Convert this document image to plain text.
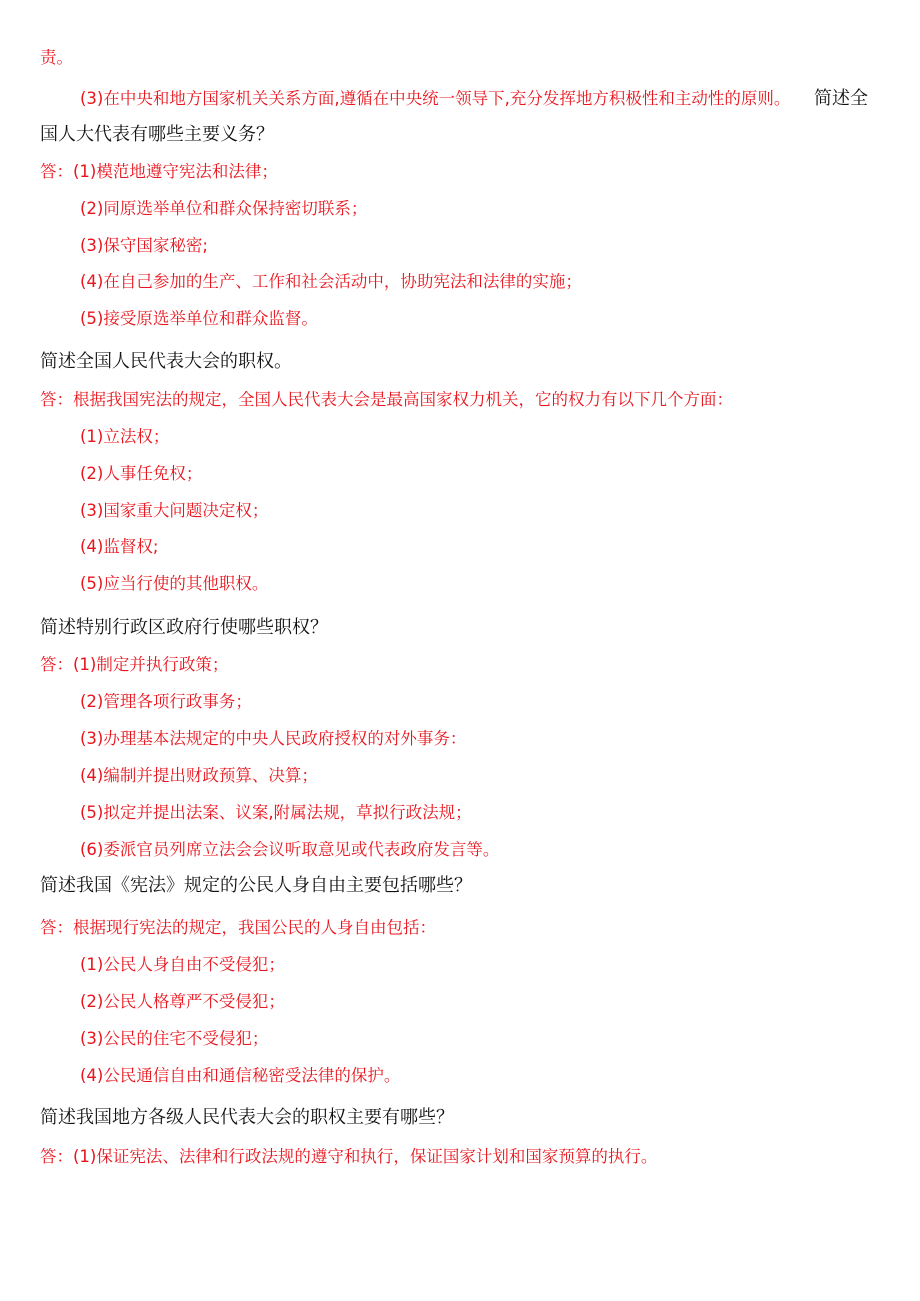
责。
(3)在中央和地方国家机关关系方面,遵循在中央统一领导下,充分发挥地方积极性和主动性的原则。 简述全
国人大代表有哪些主要义务？
答：(1)模范地遵守宪法和法律；
(2)同原选举单位和群众保持密切联系；
(3)保守国家秘密;
(4)在自己参加的生产、工作和社会活动中，协助宪法和法律的实施；
(5)接受原选举单位和群众监督。
简述全国人民代表大会的职权。
答：根据我国宪法的规定，全国人民代表大会是最高国家权力机关，它的权力有以下几个方面：
(1)立法权；
(2)人事任免权；
(3)国家重大问题决定权；
(4)监督权;
(5)应当行使的其他职权。
简述特别行政区政府行使哪些职权？
答：(1)制定并执行政策；
(2)管理各项行政事务；
(3)办理基本法规定的中央人民政府授权的对外事务：
(4)编制并提出财政预算、决算；
(5)拟定并提出法案、议案,附属法规，草拟行政法规；
(6)委派官员列席立法会会议听取意见或代表政府发言等。
简述我国《宪法》规定的公民人身自由主要包括哪些？
答：根据现行宪法的规定，我国公民的人身自由包括：
(1)公民人身自由不受侵犯；
(2)公民人格尊严不受侵犯；
(3)公民的住宅不受侵犯；
(4)公民通信自由和通信秘密受法律的保护。
简述我国地方各级人民代表大会的职权主要有哪些？
答：(1)保证宪法、法律和行政法规的遵守和执行，保证国家计划和国家预算的执行。
